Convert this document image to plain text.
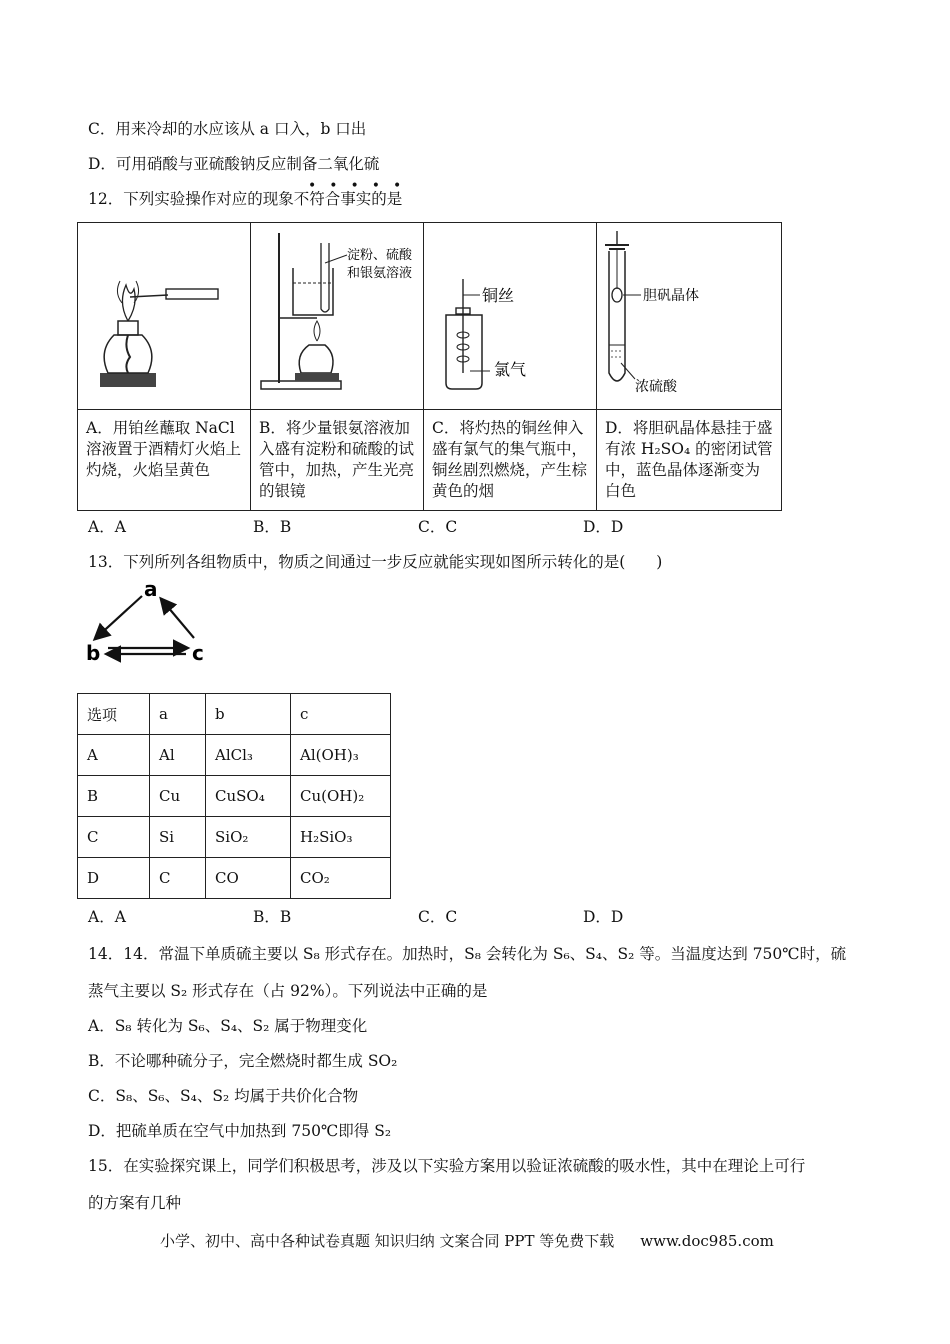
C．用来冷却的水应该从 a 口入，b 口出
D．可用硝酸与亚硫酸钠反应制备二氧化硫
•••••
12．下列实验操作对应的现象不符合事实的是

淀粉、硫酸
和银氨溶液	铜丝
氯气	胆矾晶体
浓硫酸

A．用铂丝蘸取 NaCl 溶液置于酒精灯火焰上灼烧，火焰呈黄色	B．将少量银氨溶液加入盛有淀粉和硫酸的试管中，加热，产生光亮的银镜	C．将灼热的铜丝伸入盛有氯气的集气瓶中，铜丝剧烈燃烧，产生棕黄色的烟	D．将胆矾晶体悬挂于盛有浓 H₂SO₄ 的密闭试管中，蓝色晶体逐渐变为白色
A．A	B．B	C．C	D．D
13．下列所列各组物质中，物质之间通过一步反应就能实现如图所示转化的是(　　)
a
b	c
选项	a	b	c
A	Al	AlCl₃	Al(OH)₃
B	Cu	CuSO₄	Cu(OH)₂
C	Si	SiO₂	H₂SiO₃
D	C	CO	CO₂
A．A	B．B	C．C	D．D
14．14．常温下单质硫主要以 S₈ 形式存在。加热时，S₈ 会转化为 S₆、S₄、S₂ 等。当温度达到 750℃时，硫
蒸气主要以 S₂ 形式存在（占 92%）。下列说法中正确的是
A．S₈ 转化为 S₆、S₄、S₂ 属于物理变化
B．不论哪种硫分子，完全燃烧时都生成 SO₂
C．S₈、S₆、S₄、S₂ 均属于共价化合物
D．把硫单质在空气中加热到 750℃即得 S₂
15．在实验探究课上，同学们积极思考，涉及以下实验方案用以验证浓硫酸的吸水性，其中在理论上可行
的方案有几种
小学、初中、高中各种试卷真题 知识归纳 文案合同 PPT 等免费下载 www.doc985.com
